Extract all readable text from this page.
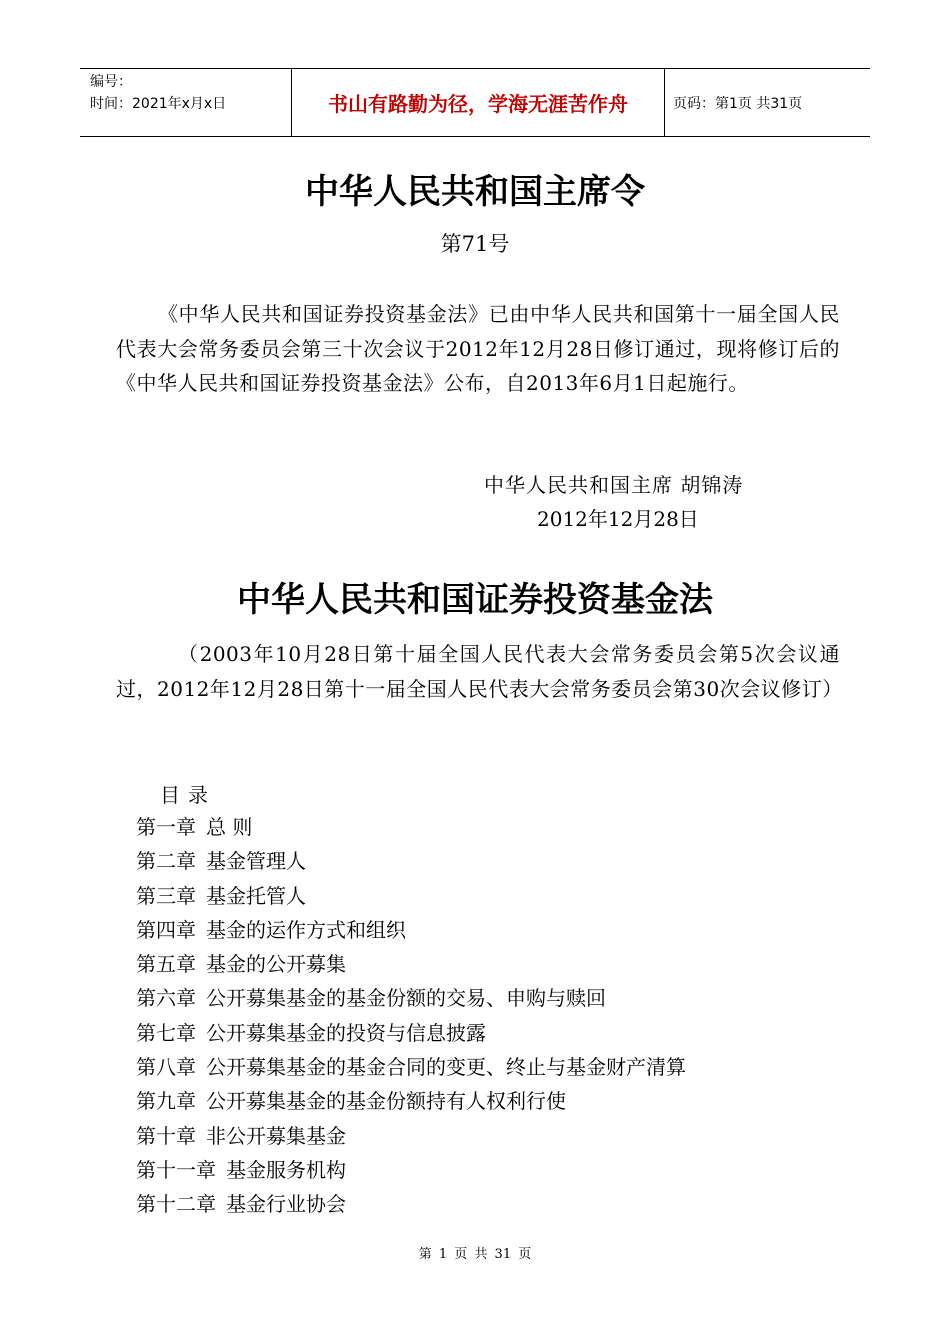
编号：
时间：2021年x月x日	书山有路勤为径，学海无涯苦作舟	页码：第1页 共31页
中华人民共和国主席令
第71号

《中华人民共和国证券投资基金法》已由中华人民共和国第十一届全国人民代表大会常务委员会第三十次会议于2012年12月28日修订通过，现将修订后的《中华人民共和国证券投资基金法》公布，自2013年6月1日起施行。

中华人民共和国主席 胡锦涛
2012年12月28日
中华人民共和国证券投资基金法

（2003年10月28日第十届全国人民代表大会常务委员会第5次会议通过，2012年12月28日第十一届全国人民代表大会常务委员会第30次会议修订）

目录
第一章 总 则
第二章 基金管理人
第三章 基金托管人
第四章 基金的运作方式和组织
第五章 基金的公开募集
第六章 公开募集基金的基金份额的交易、申购与赎回
第七章 公开募集基金的投资与信息披露
第八章 公开募集基金的基金合同的变更、终止与基金财产清算
第九章 公开募集基金的基金份额持有人权利行使
第十章 非公开募集基金
第十一章 基金服务机构
第十二章 基金行业协会
第 1 页 共 31 页
